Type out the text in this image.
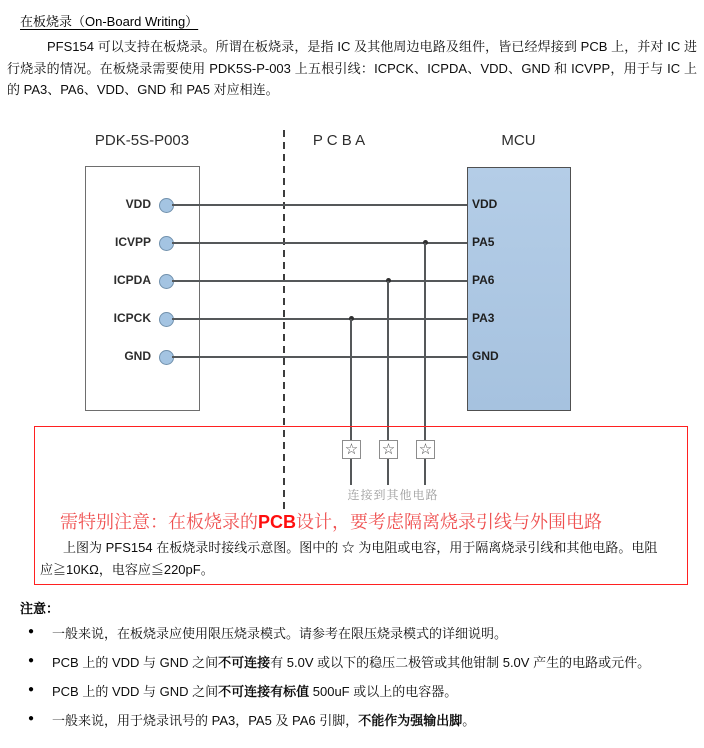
在板烧录（On-Board Writing）

PFS154 可以支持在板烧录。所谓在板烧录，是指 IC 及其他周边电路及组件，皆已经焊接到 PCB 上，并对 IC 进行烧录的情况。在板烧录需要使用 PDK5S-P-003 上五根引线：ICPCK、ICPDA、VDD、GND 和 ICVPP，用于与 IC 上的 PA3、PA6、VDD、GND 和 PA5 对应相连。

PDK-5S-P003	P C B A	MCU
VDD	VDD
ICVPP	PA5
ICPDA	PA6
ICPCK	PA3
GND	GND
☆ ☆ ☆
连接到其他电路
需特别注意：在板烧录的PCB设计，要考虑隔离烧录引线与外围电路
上图为 PFS154 在板烧录时接线示意图。图中的 ☆ 为电阻或电容，用于隔离烧录引线和其他电路。电阻
应≧10KΩ，电容应≦220pF。
注意：
● 一般来说，在板烧录应使用限压烧录模式。请参考在限压烧录模式的详细说明。
● PCB 上的 VDD 与 GND 之间不可连接有 5.0V 或以下的稳压二极管或其他钳制 5.0V 产生的电路或元件。
● PCB 上的 VDD 与 GND 之间不可连接有标值 500uF 或以上的电容器。
● 一般来说，用于烧录讯号的 PA3，PA5 及 PA6 引脚，不能作为强输出脚。
